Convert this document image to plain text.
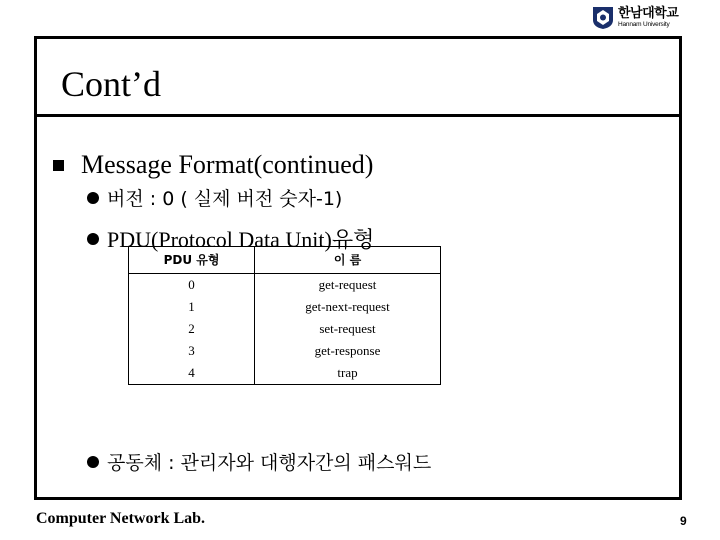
한남대학교
Hannam University
Cont’d
Message Format(continued)
버전 : 0 ( 실제 버전 숫자-1)
PDU(Protocol Data Unit)유형
PDU 유형	이 름
0	get-request
1	get-next-request
2	set-request
3	get-response
4	trap
공동체 : 관리자와 대행자간의 패스워드
Computer Network Lab.	9
